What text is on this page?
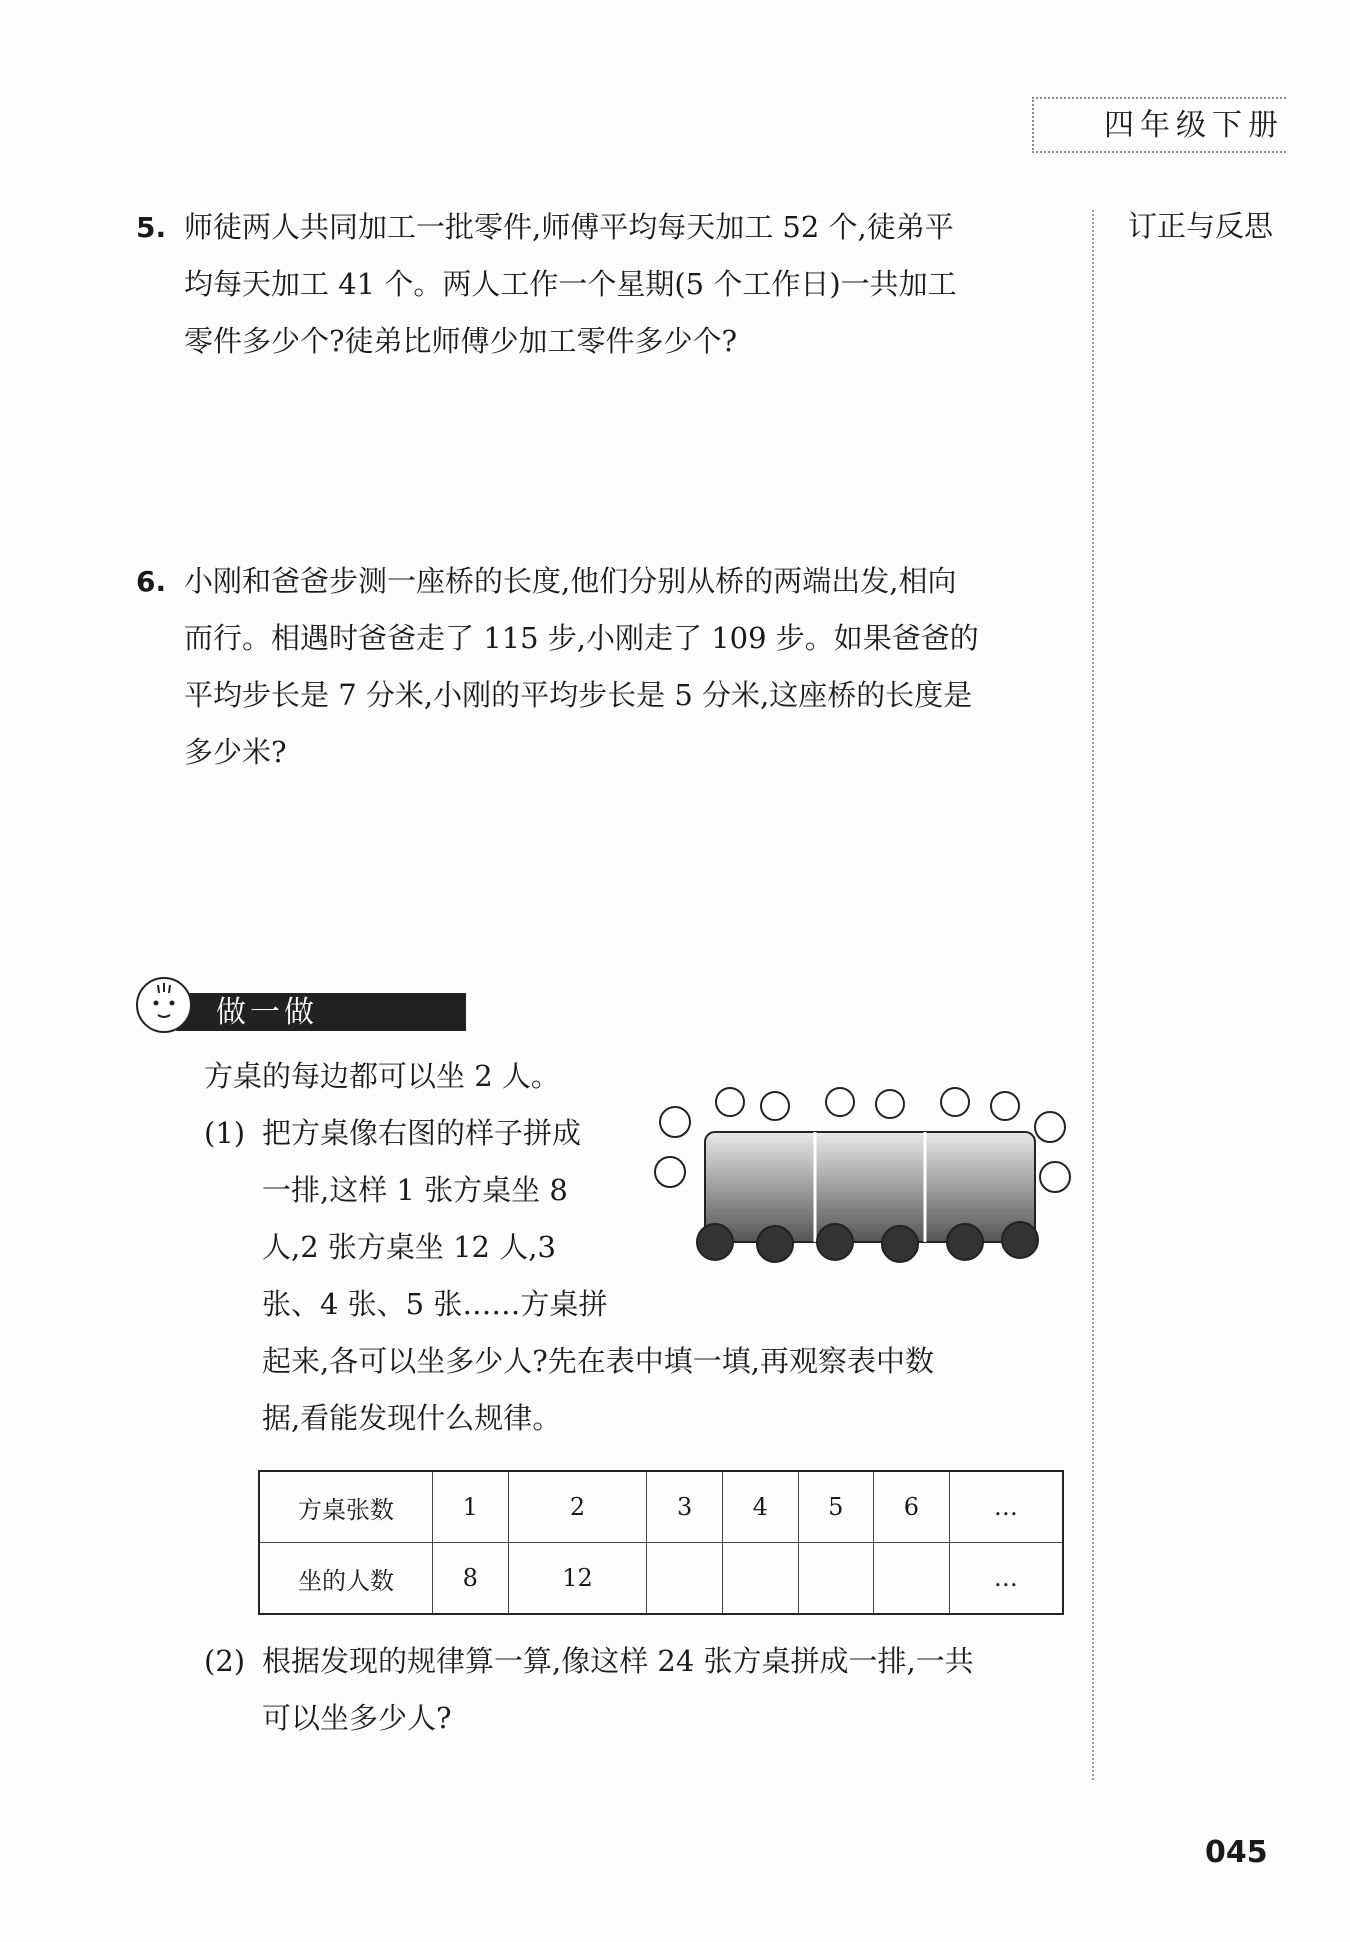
四年级下册
订正与反思
5. 师徒两人共同加工一批零件,师傅平均每天加工 52 个,徒弟平
均每天加工 41 个。两人工作一个星期(5 个工作日)一共加工
零件多少个?徒弟比师傅少加工零件多少个?
6. 小刚和爸爸步测一座桥的长度,他们分别从桥的两端出发,相向
而行。相遇时爸爸走了 115 步,小刚走了 109 步。如果爸爸的
平均步长是 7 分米,小刚的平均步长是 5 分米,这座桥的长度是
多少米?
做一做
方桌的每边都可以坐 2 人。
(1) 把方桌像右图的样子拼成
一排,这样 1 张方桌坐 8
人,2 张方桌坐 12 人,3
张、4 张、5 张……方桌拼
起来,各可以坐多少人?先在表中填一填,再观察表中数
据,看能发现什么规律。
方桌张数	1	2	3	4	5	6	…
坐的人数	8	12					…
(2) 根据发现的规律算一算,像这样 24 张方桌拼成一排,一共
可以坐多少人?
045
